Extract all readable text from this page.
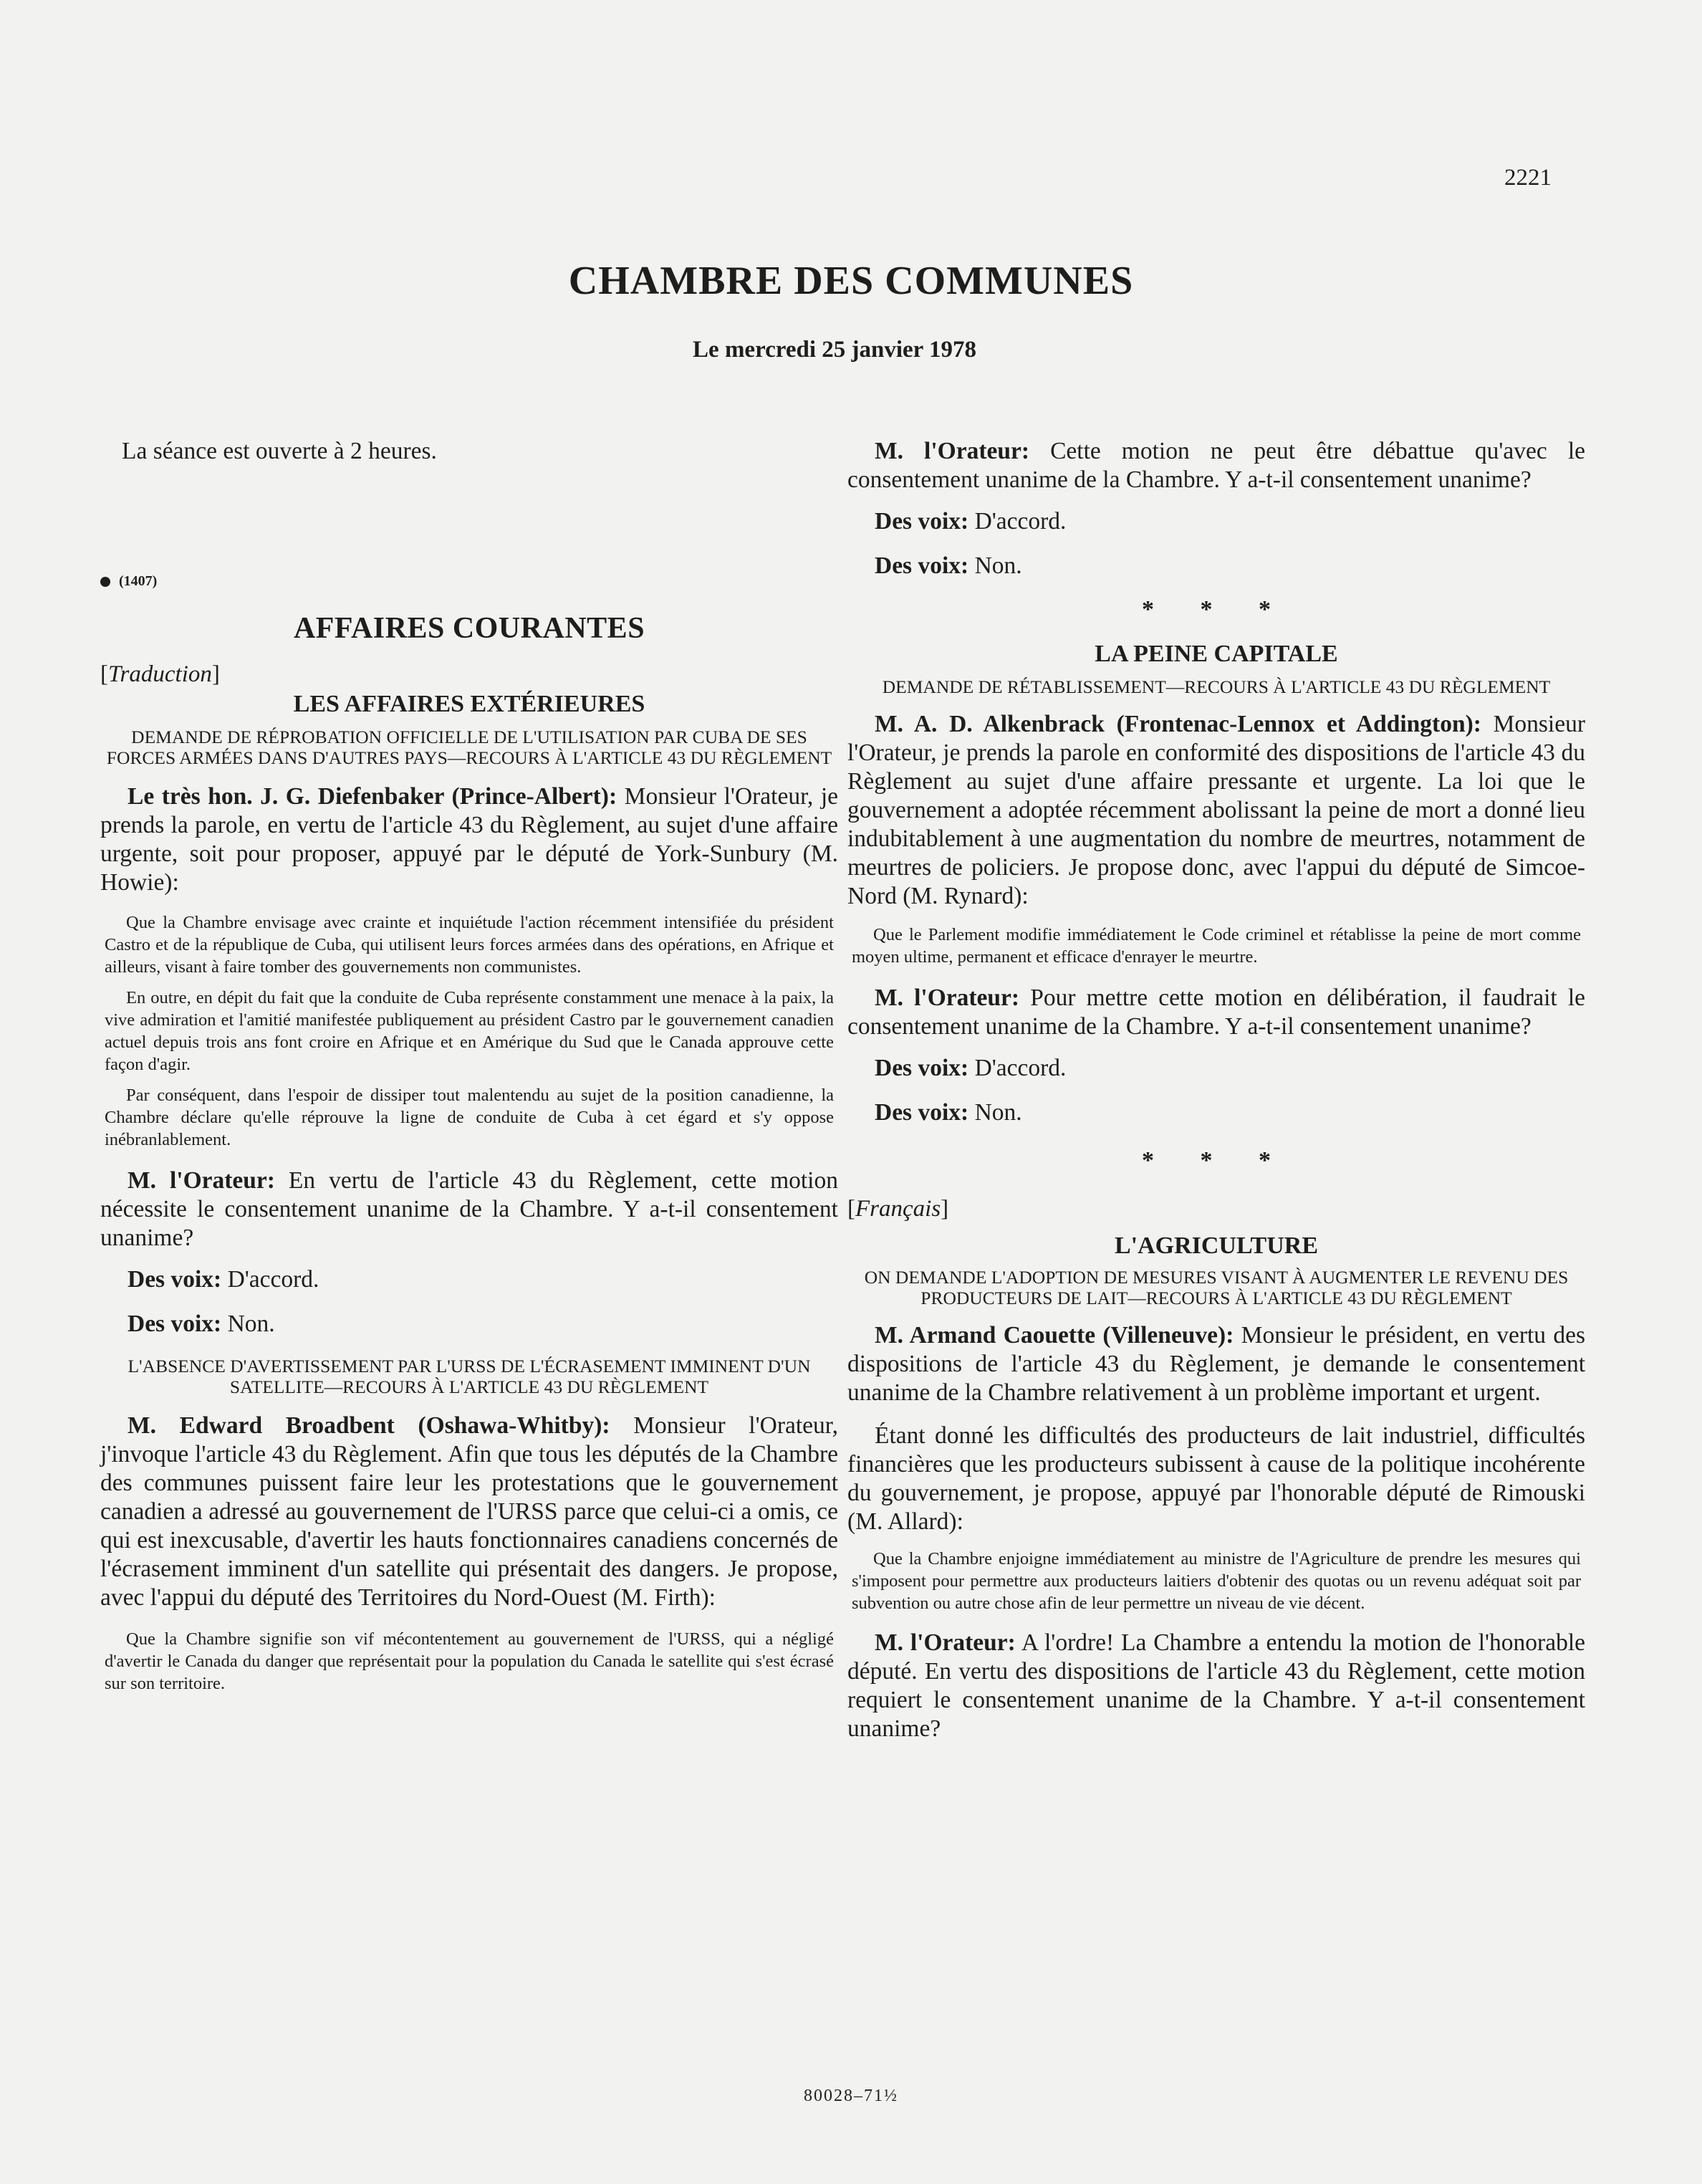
2221
CHAMBRE DES COMMUNES
Le mercredi 25 janvier 1978

La séance est ouverte à 2 heures.

(1407)
AFFAIRES COURANTES
[Traduction]
LES AFFAIRES EXTÉRIEURES
DEMANDE DE RÉPROBATION OFFICIELLE DE L'UTILISATION PAR CUBA DE SES FORCES ARMÉES DANS D'AUTRES PAYS—RECOURS À L'ARTICLE 43 DU RÈGLEMENT

Le très hon. J. G. Diefenbaker (Prince-Albert): Monsieur l'Orateur, je prends la parole, en vertu de l'article 43 du Règlement, au sujet d'une affaire urgente, soit pour proposer, appuyé par le député de York-Sunbury (M. Howie):

Que la Chambre envisage avec crainte et inquiétude l'action récemment intensifiée du président Castro et de la république de Cuba, qui utilisent leurs forces armées dans des opérations, en Afrique et ailleurs, visant à faire tomber des gouvernements non communistes.

En outre, en dépit du fait que la conduite de Cuba représente constamment une menace à la paix, la vive admiration et l'amitié manifestée publiquement au président Castro par le gouvernement canadien actuel depuis trois ans font croire en Afrique et en Amérique du Sud que le Canada approuve cette façon d'agir.

Par conséquent, dans l'espoir de dissiper tout malentendu au sujet de la position canadienne, la Chambre déclare qu'elle réprouve la ligne de conduite de Cuba à cet égard et s'y oppose inébranlablement.

M. l'Orateur: En vertu de l'article 43 du Règlement, cette motion nécessite le consentement unanime de la Chambre. Y a-t-il consentement unanime?

Des voix: D'accord.

Des voix: Non.

L'ABSENCE D'AVERTISSEMENT PAR L'URSS DE L'ÉCRASEMENT IMMINENT D'UN SATELLITE—RECOURS À L'ARTICLE 43 DU RÈGLEMENT

M. Edward Broadbent (Oshawa-Whitby): Monsieur l'Orateur, j'invoque l'article 43 du Règlement. Afin que tous les députés de la Chambre des communes puissent faire leur les protestations que le gouvernement canadien a adressé au gouvernement de l'URSS parce que celui-ci a omis, ce qui est inexcusable, d'avertir les hauts fonctionnaires canadiens concernés de l'écrasement imminent d'un satellite qui présentait des dangers. Je propose, avec l'appui du député des Territoires du Nord-Ouest (M. Firth):

Que la Chambre signifie son vif mécontentement au gouvernement de l'URSS, qui a négligé d'avertir le Canada du danger que représentait pour la population du Canada le satellite qui s'est écrasé sur son territoire.

M. l'Orateur: Cette motion ne peut être débattue qu'avec le consentement unanime de la Chambre. Y a-t-il consentement unanime?

Des voix: D'accord.

Des voix: Non.

* * *
LA PEINE CAPITALE
DEMANDE DE RÉTABLISSEMENT—RECOURS À L'ARTICLE 43 DU RÈGLEMENT

M. A. D. Alkenbrack (Frontenac-Lennox et Addington): Monsieur l'Orateur, je prends la parole en conformité des dispositions de l'article 43 du Règlement au sujet d'une affaire pressante et urgente. La loi que le gouvernement a adoptée récemment abolissant la peine de mort a donné lieu indubitablement à une augmentation du nombre de meurtres, notamment de meurtres de policiers. Je propose donc, avec l'appui du député de Simcoe-Nord (M. Rynard):

Que le Parlement modifie immédiatement le Code criminel et rétablisse la peine de mort comme moyen ultime, permanent et efficace d'enrayer le meurtre.

M. l'Orateur: Pour mettre cette motion en délibération, il faudrait le consentement unanime de la Chambre. Y a-t-il consentement unanime?

Des voix: D'accord.

Des voix: Non.

* * *
[Français]
L'AGRICULTURE
ON DEMANDE L'ADOPTION DE MESURES VISANT À AUGMENTER LE REVENU DES PRODUCTEURS DE LAIT—RECOURS À L'ARTICLE 43 DU RÈGLEMENT

M. Armand Caouette (Villeneuve): Monsieur le président, en vertu des dispositions de l'article 43 du Règlement, je demande le consentement unanime de la Chambre relativement à un problème important et urgent.

Étant donné les difficultés des producteurs de lait industriel, difficultés financières que les producteurs subissent à cause de la politique incohérente du gouvernement, je propose, appuyé par l'honorable député de Rimouski (M. Allard):

Que la Chambre enjoigne immédiatement au ministre de l'Agriculture de prendre les mesures qui s'imposent pour permettre aux producteurs laitiers d'obtenir des quotas ou un revenu adéquat soit par subvention ou autre chose afin de leur permettre un niveau de vie décent.

M. l'Orateur: A l'ordre! La Chambre a entendu la motion de l'honorable député. En vertu des dispositions de l'article 43 du Règlement, cette motion requiert le consentement unanime de la Chambre. Y a-t-il consentement unanime?

80028–71½
